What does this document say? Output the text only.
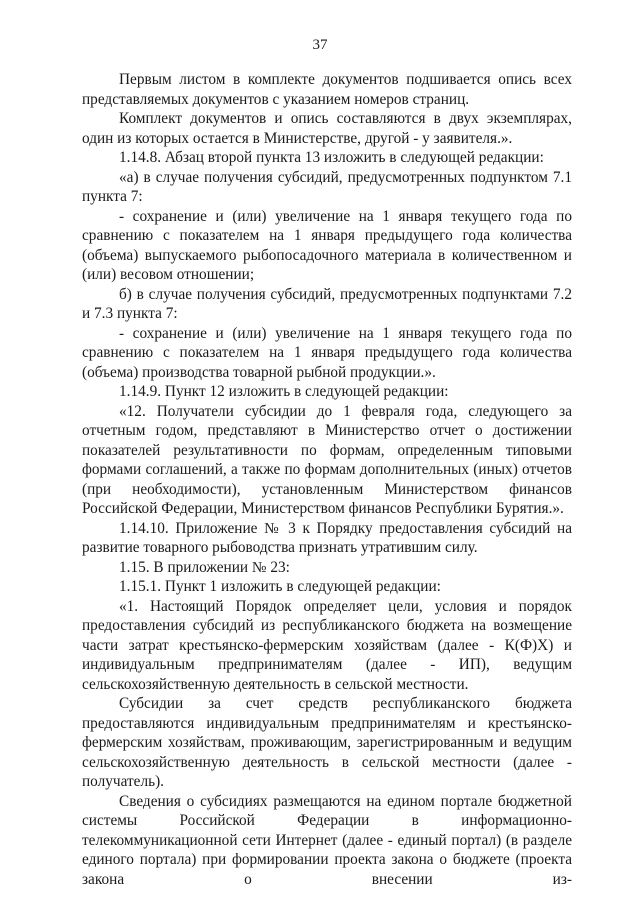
37

Первым листом в комплекте документов подшивается опись всех представляемых документов с указанием номеров страниц.

Комплект документов и опись составляются в двух экземплярах, один из которых остается в Министерстве, другой - у заявителя.».

1.14.8. Абзац второй пункта 13 изложить в следующей редакции:

«а) в случае получения субсидий, предусмотренных подпунктом 7.1 пункта 7:

- сохранение и (или) увеличение на 1 января текущего года по сравнению с показателем на 1 января предыдущего года количества (объема) выпускаемого рыбопосадочного материала в количественном и (или) весовом отношении;

б) в случае получения субсидий, предусмотренных подпунктами 7.2 и 7.3 пункта 7:

- сохранение и (или) увеличение на 1 января текущего года по сравнению с показателем на 1 января предыдущего года количества (объема) производства товарной рыбной продукции.».

1.14.9. Пункт 12 изложить в следующей редакции:

«12. Получатели субсидии до 1 февраля года, следующего за отчетным годом, представляют в Министерство отчет о достижении показателей результативности по формам, определенным типовыми формами соглашений, а также по формам дополнительных (иных) отчетов (при необходимости), установленным Министерством финансов Российской Федерации, Министерством финансов Республики Бурятия.».

1.14.10. Приложение № 3 к Порядку предоставления субсидий на развитие товарного рыбоводства признать утратившим силу.

1.15. В приложении № 23:

1.15.1. Пункт 1 изложить в следующей редакции:

«1. Настоящий Порядок определяет цели, условия и порядок предоставления субсидий из республиканского бюджета на возмещение части затрат крестьянско-фермерским хозяйствам (далее - К(Ф)Х) и индивидуальным предпринимателям (далее - ИП), ведущим сельскохозяйственную деятельность в сельской местности.

Субсидии за счет средств республиканского бюджета предоставляются индивидуальным предпринимателям и крестьянско-фермерским хозяйствам, проживающим, зарегистрированным и ведущим сельскохозяйственную деятельность в сельской местности (далее - получатель).

Сведения о субсидиях размещаются на едином портале бюджетной системы Российской Федерации в информационно-телекоммуникационной сети Интернет (далее - единый портал) (в разделе единого портала) при формировании проекта закона о бюджете (проекта закона о внесении из-
